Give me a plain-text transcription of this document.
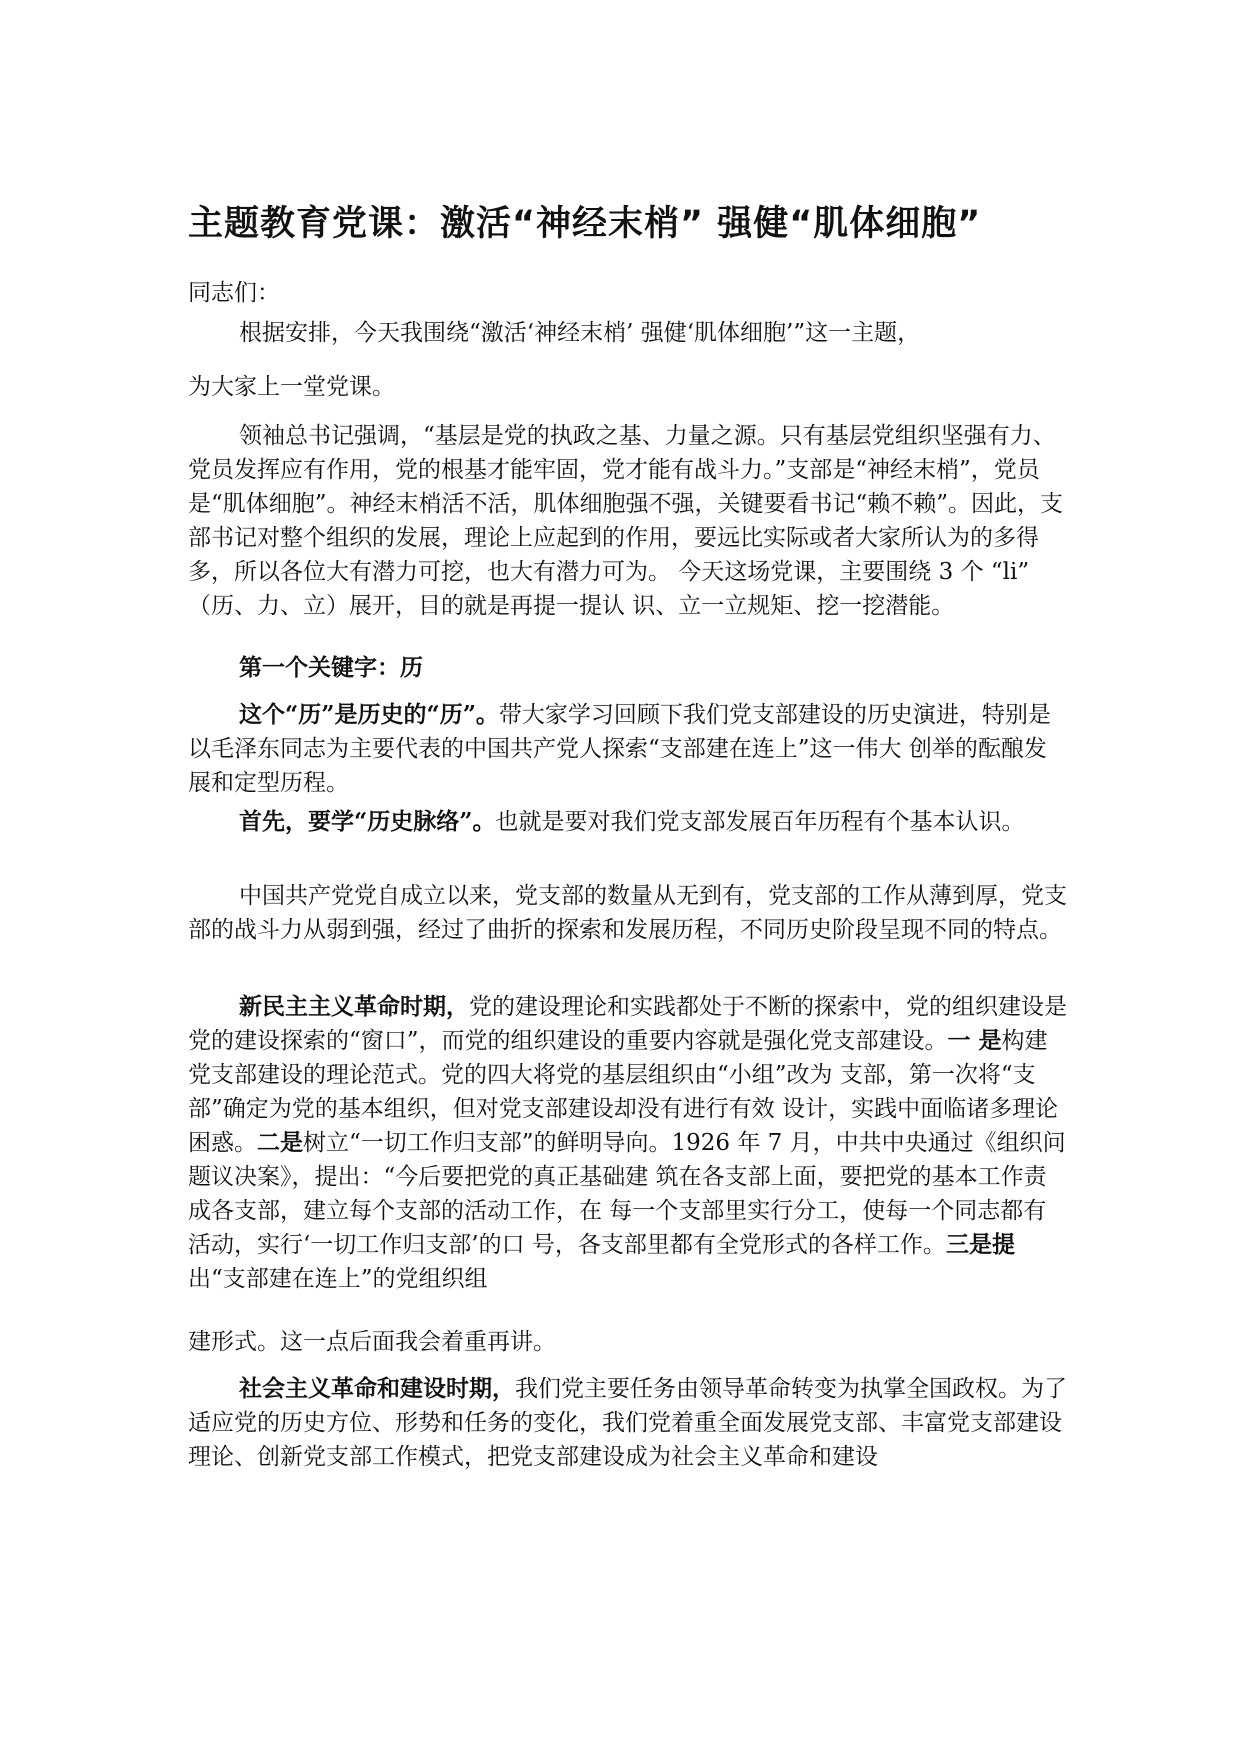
主题教育党课：激活“神经末梢” 强健“肌体细胞”

同志们：

根据安排，今天我围绕“激活‘神经末梢’ 强健‘肌体细胞’”这一主题，

为大家上一堂党课。

领袖总书记强调，“基层是党的执政之基、力量之源。只有基层党组织坚强有力、党员发挥应有作用，党的根基才能牢固，党才能有战斗力。”支部是“神经末梢”，党员是“肌体细胞”。神经末梢活不活，肌体细胞强不强，关键要看书记“赖不赖”。因此，支部书记对整个组织的发展，理论上应起到的作用，要远比实际或者大家所认为的多得多，所以各位大有潜力可挖，也大有潜力可为。 今天这场党课，主要围绕 3 个 “li” （历、力、立）展开，目的就是再提一提认 识、立一立规矩、挖一挖潜能。

第一个关键字：历

这个“历”是历史的“历”。带大家学习回顾下我们党支部建设的历史演进，特别是以毛泽东同志为主要代表的中国共产党人探索“支部建在连上”这一伟大 创举的酝酿发展和定型历程。

首先，要学“历史脉络”。也就是要对我们党支部发展百年历程有个基本认识。

中国共产党党自成立以来，党支部的数量从无到有，党支部的工作从薄到厚，党支部的战斗力从弱到强，经过了曲折的探索和发展历程，不同历史阶段呈现不同的特点。

新民主主义革命时期，党的建设理论和实践都处于不断的探索中，党的组织建设是党的建设探索的“窗口”，而党的组织建设的重要内容就是强化党支部建设。一 是构建党支部建设的理论范式。党的四大将党的基层组织由“小组”改为 支部，第一次将“支部”确定为党的基本组织，但对党支部建设却没有进行有效 设计，实践中面临诸多理论困惑。二是树立“一切工作归支部”的鲜明导向。1926 年 7 月，中共中央通过《组织问题议决案》，提出：“今后要把党的真正基础建 筑在各支部上面，要把党的基本工作责成各支部，建立每个支部的活动工作，在 每一个支部里实行分工，使每一个同志都有活动，实行‘一切工作归支部’的口 号，各支部里都有全党形式的各样工作。三是提出“支部建在连上”的党组织组

建形式。这一点后面我会着重再讲。

社会主义革命和建设时期，我们党主要任务由领导革命转变为执掌全国政权。为了适应党的历史方位、形势和任务的变化，我们党着重全面发展党支部、丰富党支部建设理论、创新党支部工作模式，把党支部建设成为社会主义革命和建设
